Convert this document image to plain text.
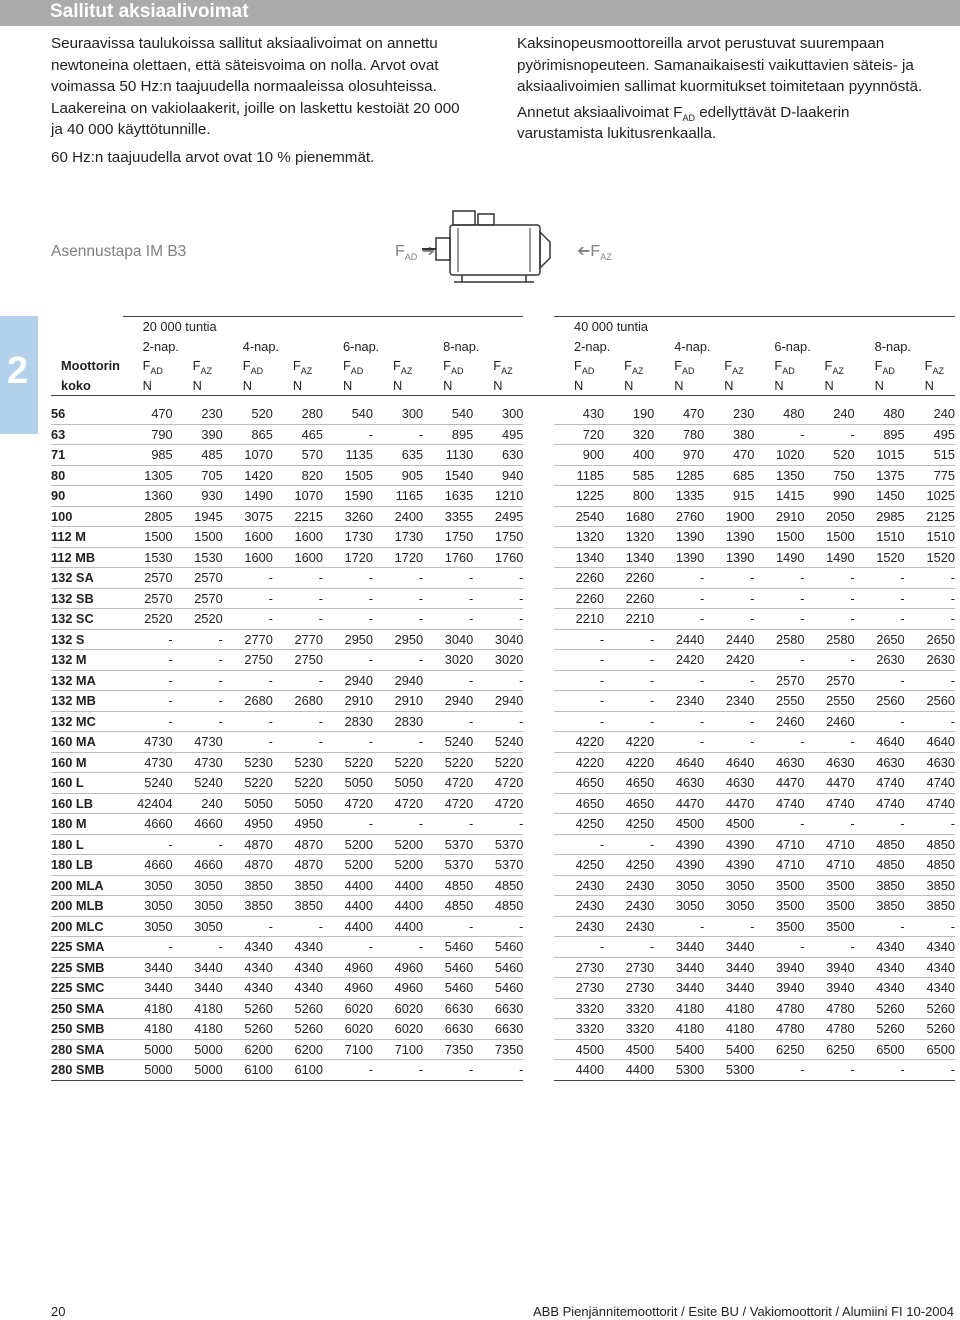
Sallitut aksiaalivoimat

Seuraavissa taulukoissa sallitut aksiaalivoimat on annettu newtoneina olettaen, että säteisvoima on nolla. Arvot ovat voimassa 50 Hz:n taajuudella normaaleissa olosuhteissa. Laakereina on vakiolaakerit, joille on laskettu kestoiät 20 000 ja 40 000 käyttötunnille.

60 Hz:n taajuudella arvot ovat 10 % pienemmät.

Kaksinopeusmoottoreilla arvot perustuvat suurempaan pyörimisnopeuteen. Samanaikaisesti vaikuttavien säteis- ja aksiaalivoimien sallimat kuormitukset toimitetaan pyynnöstä.

Annetut aksiaalivoimat $F_{AD}$ edellyttävät D-laakerin varustamista lukitusrenkaalla.

Asennustapa IM B3	$F_{AD}$ ➔	$➔F_{AZ}$
2
	20 000 tuntia									40 000 tuntia							
	2-nap.		4-nap.		6-nap.		8-nap.			2-nap.		4-nap.		6-nap.		8-nap.	
Moottorin	$F_{AD}$	$F_{AZ}$	$F_{AD}$	$F_{AZ}$	$F_{AD}$	$F_{AZ}$	$F_{AD}$	$F_{AZ}$		$F_{AD}$	$F_{AZ}$	$F_{AD}$	$F_{AZ}$	$F_{AD}$	$F_{AZ}$	$F_{AD}$	$F_{AZ}$
koko	N	N	N	N	N	N	N	N		N	N	N	N	N	N	N	N

56	470	230	520	280	540	300	540	300		430	190	470	230	480	240	480	240
63	790	390	865	465	-	-	895	495		720	320	780	380	-	-	895	495
71	985	485	1070	570	1135	635	1130	630		900	400	970	470	1020	520	1015	515
80	1305	705	1420	820	1505	905	1540	940		1185	585	1285	685	1350	750	1375	775
90	1360	930	1490	1070	1590	1165	1635	1210		1225	800	1335	915	1415	990	1450	1025
100	2805	1945	3075	2215	3260	2400	3355	2495		2540	1680	2760	1900	2910	2050	2985	2125
112 M	1500	1500	1600	1600	1730	1730	1750	1750		1320	1320	1390	1390	1500	1500	1510	1510
112 MB	1530	1530	1600	1600	1720	1720	1760	1760		1340	1340	1390	1390	1490	1490	1520	1520
132 SA	2570	2570	-	-	-	-	-	-		2260	2260	-	-	-	-	-	-
132 SB	2570	2570	-	-	-	-	-	-		2260	2260	-	-	-	-	-	-
132 SC	2520	2520	-	-	-	-	-	-		2210	2210	-	-	-	-	-	-
132 S	-	-	2770	2770	2950	2950	3040	3040		-	-	2440	2440	2580	2580	2650	2650
132 M	-	-	2750	2750	-	-	3020	3020		-	-	2420	2420	-	-	2630	2630
132 MA	-	-	-	-	2940	2940	-	-		-	-	-	-	2570	2570	-	-
132 MB	-	-	2680	2680	2910	2910	2940	2940		-	-	2340	2340	2550	2550	2560	2560
132 MC	-	-	-	-	2830	2830	-	-		-	-	-	-	2460	2460	-	-
160 MA	4730	4730	-	-	-	-	5240	5240		4220	4220	-	-	-	-	4640	4640
160 M	4730	4730	5230	5230	5220	5220	5220	5220		4220	4220	4640	4640	4630	4630	4630	4630
160 L	5240	5240	5220	5220	5050	5050	4720	4720		4650	4650	4630	4630	4470	4470	4740	4740
160 LB	42404	240	5050	5050	4720	4720	4720	4720		4650	4650	4470	4470	4740	4740	4740	4740
180 M	4660	4660	4950	4950	-	-	-	-		4250	4250	4500	4500	-	-	-	-
180 L	-	-	4870	4870	5200	5200	5370	5370		-	-	4390	4390	4710	4710	4850	4850
180 LB	4660	4660	4870	4870	5200	5200	5370	5370		4250	4250	4390	4390	4710	4710	4850	4850
200 MLA	3050	3050	3850	3850	4400	4400	4850	4850		2430	2430	3050	3050	3500	3500	3850	3850
200 MLB	3050	3050	3850	3850	4400	4400	4850	4850		2430	2430	3050	3050	3500	3500	3850	3850
200 MLC	3050	3050	-	-	4400	4400	-	-		2430	2430	-	-	3500	3500	-	-
225 SMA	-	-	4340	4340	-	-	5460	5460		-	-	3440	3440	-	-	4340	4340
225 SMB	3440	3440	4340	4340	4960	4960	5460	5460		2730	2730	3440	3440	3940	3940	4340	4340
225 SMC	3440	3440	4340	4340	4960	4960	5460	5460		2730	2730	3440	3440	3940	3940	4340	4340
250 SMA	4180	4180	5260	5260	6020	6020	6630	6630		3320	3320	4180	4180	4780	4780	5260	5260
250 SMB	4180	4180	5260	5260	6020	6020	6630	6630		3320	3320	4180	4180	4780	4780	5260	5260
280 SMA	5000	5000	6200	6200	7100	7100	7350	7350		4500	4500	5400	5400	6250	6250	6500	6500
280 SMB	5000	5000	6100	6100	-	-	-	-		4400	4400	5300	5300	-	-	-	-
20	ABB Pienjännitemoottorit / Esite BU / Vakiomoottorit / Alumiini FI 10-2004
